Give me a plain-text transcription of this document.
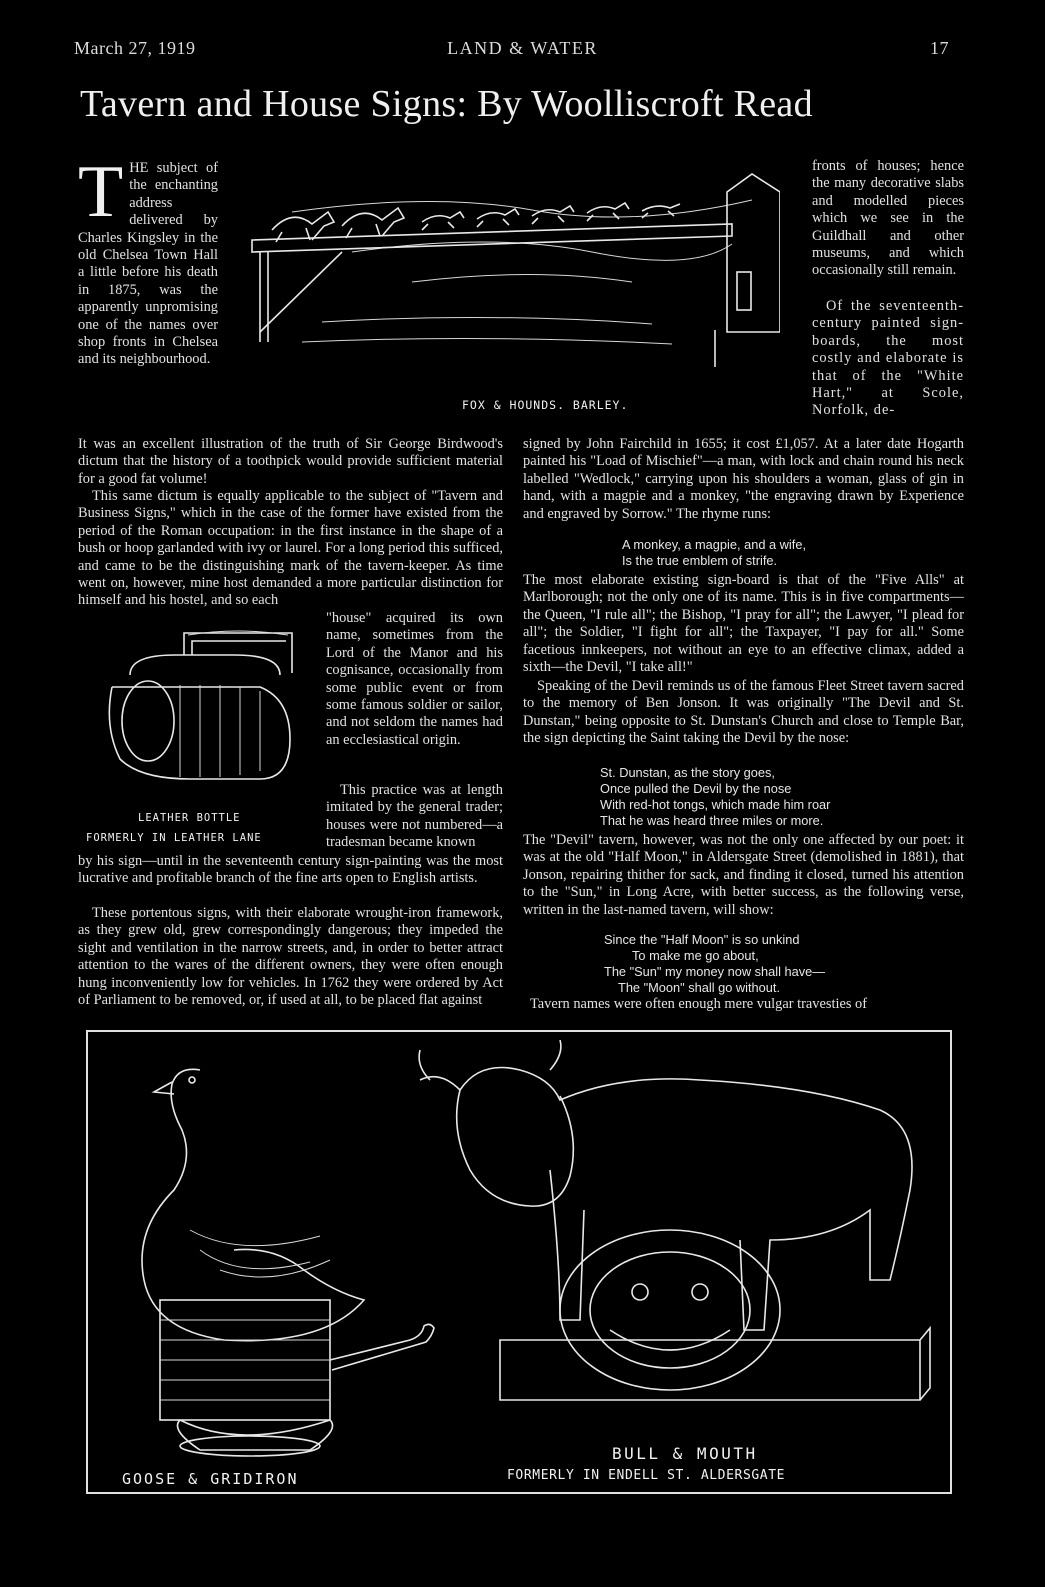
March 27, 1919	LAND & WATER	17
Tavern and House Signs: By Woolliscroft Read
FOX & HOUNDS. BARLEY.
THE subject of the enchanting address delivered by Charles Kingsley in the old Chelsea Town Hall a little before his death in 1875, was the apparently unpromising one of the names over shop fronts in Chelsea and its neighbourhood.
It was an excellent illustration of the truth of Sir George Birdwood's dictum that the history of a toothpick would provide sufficient material for a good fat volume!
This same dictum is equally applicable to the subject of "Tavern and Business Signs," which in the case of the former have existed from the period of the Roman occupation: in the first instance in the shape of a bush or hoop garlanded with ivy or laurel. For a long period this sufficed, and came to be the distinguishing mark of the tavern-keeper. As time went on, however, mine host demanded a more particular distinction for himself and his hostel, and so each
LEATHER BOTTLE
FORMERLY IN LEATHER LANE
"house" acquired its own name, sometimes from the Lord of the Manor and his cognisance, occasionally from some public event or from some famous soldier or sailor, and not seldom the names had an ecclesiastical origin.
This practice was at length imitated by the general trader; houses were not numbered—a tradesman became known
by his sign—until in the seventeenth century sign-painting was the most lucrative and profitable branch of the fine arts open to English artists.
These portentous signs, with their elaborate wrought-iron framework, as they grew old, grew correspondingly dangerous; they impeded the sight and ventilation in the narrow streets, and, in order to better attract attention to the wares of the different owners, they were often enough hung inconveniently low for vehicles. In 1762 they were ordered by Act of Parliament to be removed, or, if used at all, to be placed flat against
fronts of houses; hence the many decorative slabs and modelled pieces which we see in the Guildhall and other museums, and which occasionally still remain.
Of the seventeenth-century painted sign-boards, the most costly and elaborate is that of the "White Hart," at Scole, Norfolk, de-
signed by John Fairchild in 1655; it cost £1,057. At a later date Hogarth painted his "Load of Mischief"—a man, with lock and chain round his neck labelled "Wedlock," carrying upon his shoulders a woman, glass of gin in hand, with a magpie and a monkey, "the engraving drawn by Experience and engraved by Sorrow." The rhyme runs:
A monkey, a magpie, and a wife,
Is the true emblem of strife.
The most elaborate existing sign-board is that of the "Five Alls" at Marlborough; not the only one of its name. This is in five compartments—the Queen, "I rule all"; the Bishop, "I pray for all"; the Lawyer, "I plead for all"; the Soldier, "I fight for all"; the Taxpayer, "I pay for all." Some facetious innkeepers, not without an eye to an effective climax, added a sixth—the Devil, "I take all!"
Speaking of the Devil reminds us of the famous Fleet Street tavern sacred to the memory of Ben Jonson. It was originally "The Devil and St. Dunstan," being opposite to St. Dunstan's Church and close to Temple Bar, the sign depicting the Saint taking the Devil by the nose:
St. Dunstan, as the story goes,
Once pulled the Devil by the nose
With red-hot tongs, which made him roar
That he was heard three miles or more.
The "Devil" tavern, however, was not the only one affected by our poet: it was at the old "Half Moon," in Aldersgate Street (demolished in 1881), that Jonson, repairing thither for sack, and finding it closed, turned his attention to the "Sun," in Long Acre, with better success, as the following verse, written in the last-named tavern, will show:
Since the "Half Moon" is so unkind
To make me go about,
The "Sun" my money now shall have—
The "Moon" shall go without.
Tavern names were often enough mere vulgar travesties of
GOOSE & GRIDIRON
BULL & MOUTH
FORMERLY IN ENDELL ST. ALDERSGATE
